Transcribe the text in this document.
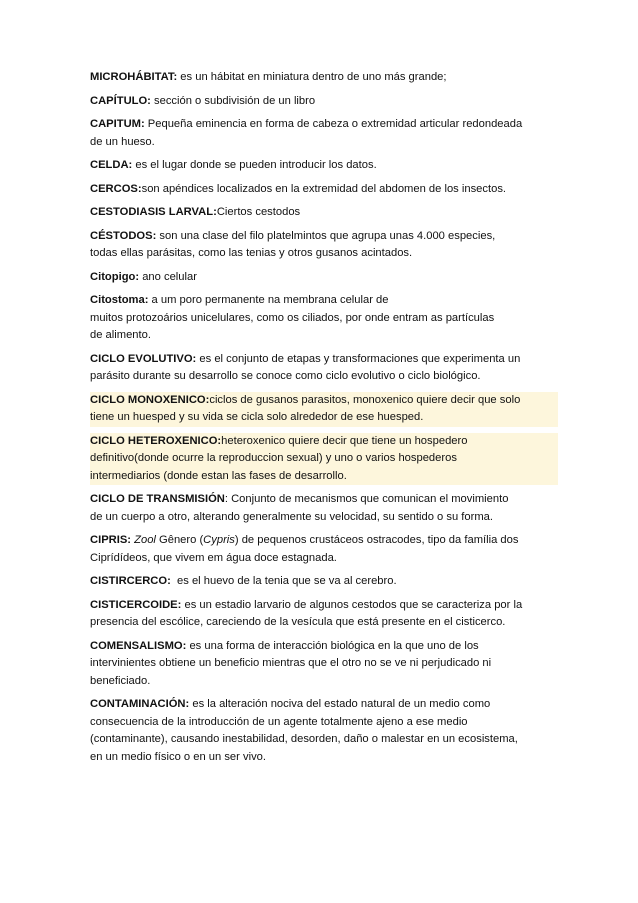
MICROHÁBITAT: es un hábitat en miniatura dentro de uno más grande;

CAPÍTULO: sección o subdivisión de un libro

CAPITUM: Pequeña eminencia en forma de cabeza o extremidad articular redondeada
de un hueso.

CELDA: es el lugar donde se pueden introducir los datos.

CERCOS:son apéndices localizados en la extremidad del abdomen de los insectos.

CESTODIASIS LARVAL:Ciertos cestodos

CÉSTODOS: son una clase del filo platelmintos que agrupa unas 4.000 especies,
todas ellas parásitas, como las tenias y otros gusanos acintados.

Citopigo: ano celular

Citostoma: a um poro permanente na membrana celular de
muitos protozoários unicelulares, como os ciliados, por onde entram as partículas
de alimento.

CICLO EVOLUTIVO: es el conjunto de etapas y transformaciones que experimenta un
parásito durante su desarrollo se conoce como ciclo evolutivo o ciclo biológico.

CICLO MONOXENICO:ciclos de gusanos parasitos, monoxenico quiere decir que solo
tiene un huesped y su vida se cicla solo alrededor de ese huesped.

CICLO HETEROXENICO:heteroxenico quiere decir que tiene un hospedero
definitivo(donde ocurre la reproduccion sexual) y uno o varios hospederos
intermediarios (donde estan las fases de desarrollo.

CICLO DE TRANSMISIÓN: Conjunto de mecanismos que comunican el movimiento
de un cuerpo a otro, alterando generalmente su velocidad, su sentido o su forma.

CIPRIS: Zool Gênero (Cypris) de pequenos crustáceos ostracodes, tipo da família dos
Ciprídídeos, que vivem em água doce estagnada.

CISTIRCERCO:  es el huevo de la tenia que se va al cerebro.

CISTICERCOIDE: es un estadio larvario de algunos cestodos que se caracteriza por la
presencia del escólice, careciendo de la vesícula que está presente en el cisticerco.

COMENSALISMO: es una forma de interacción biológica en la que uno de los
intervinientes obtiene un beneficio mientras que el otro no se ve ni perjudicado ni
beneficiado.

CONTAMINACIÓN: es la alteración nociva del estado natural de un medio como
consecuencia de la introducción de un agente totalmente ajeno a ese medio
(contaminante), causando inestabilidad, desorden, daño o malestar en un ecosistema,
en un medio físico o en un ser vivo.
